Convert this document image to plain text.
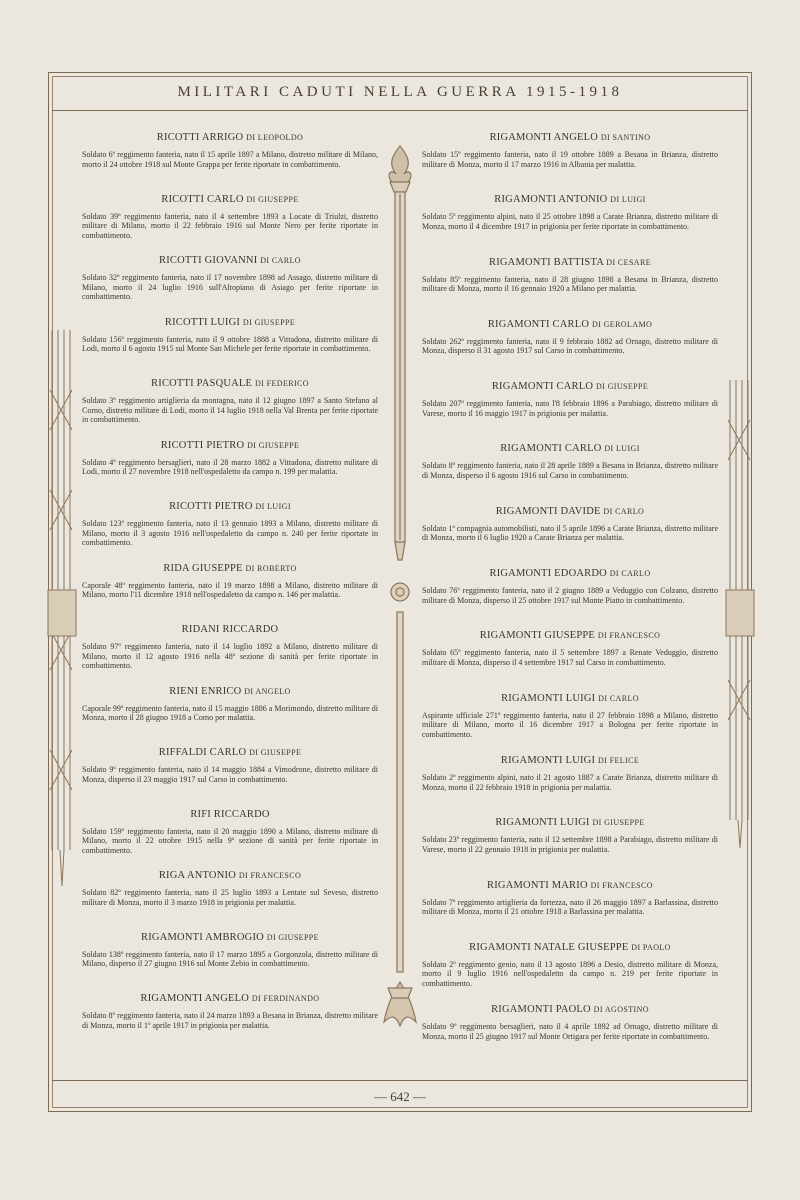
MILITARI CADUTI NELLA GUERRA 1915-1918
RICOTTI ARRIGO DI LEOPOLDO

Soldato 6º reggimento fanteria, nato il 15 aprile 1897 a Milano, distretto militare di Milano, morto il 24 ottobre 1918 sul Monte Grappa per ferite riportate in combattimento.

RICOTTI CARLO DI GIUSEPPE

Soldato 39º reggimento fanteria, nato il 4 settembre 1893 a Locate di Triulzi, distretto militare di Milano, morto il 22 febbraio 1916 sul Monte Nero per ferite riportate in combattimento.

RICOTTI GIOVANNI DI CARLO

Soldato 32º reggimento fanteria, nato il 17 novembre 1898 ad Assago, distretto militare di Milano, morto il 24 luglio 1916 sull'Altopiano di Asiago per ferite riportate in combattimento.

RICOTTI LUIGI DI GIUSEPPE

Soldato 156º reggimento fanteria, nato il 9 ottobre 1888 a Vittadona, distretto militare di Lodi, morto il 6 agosto 1915 sul Monte San Michele per ferite riportate in combattimento.

RICOTTI PASQUALE DI FEDERICO

Soldato 3º reggimento artiglieria da montagna, nato il 12 giugno 1897 a Santo Stefano al Corno, distretto militare di Lodi, morto il 14 luglio 1918 nella Val Brenta per ferite riportate in combattimento.

RICOTTI PIETRO DI GIUSEPPE

Soldato 4º reggimento bersaglieri, nato il 28 marzo 1882 a Vittadona, distretto militare di Lodi, morto il 27 novembre 1918 nell'ospedaletto da campo n. 199 per malattia.

RICOTTI PIETRO DI LUIGI

Soldato 123º reggimento fanteria, nato il 13 gennaio 1893 a Milano, distretto militare di Milano, morto il 3 agosto 1916 nell'ospedaletto da campo n. 240 per ferite riportate in combattimento.

RIDA GIUSEPPE DI ROBERTO

Caporale 48º reggimento fanteria, nato il 19 marzo 1898 a Milano, distretto militare di Milano, morto l'11 dicembre 1918 nell'ospedaletto da campo n. 146 per malattia.

RIDANI RICCARDO

Soldato 97º reggimento fanteria, nato il 14 luglio 1892 a Milano, distretto militare di Milano, morto il 12 agosto 1916 nella 48ª sezione di sanità per ferite riportate in combattimento.

RIENI ENRICO DI ANGELO

Caporale 99º reggimento fanteria, nato il 15 maggio 1886 a Morimondo, distretto militare di Monza, morto il 28 giugno 1918 a Como per malattia.

RIFFALDI CARLO DI GIUSEPPE

Soldato 9º reggimento fanteria, nato il 14 maggio 1884 a Vimodrone, distretto militare di Monza, disperso il 23 maggio 1917 sul Carso in combattimento.

RIFI RICCARDO

Soldato 159º reggimento fanteria, nato il 20 maggio 1890 a Milano, distretto militare di Milano, morto il 22 ottobre 1915 nella 9ª sezione di sanità per ferite riportate in combattimento.

RIGA ANTONIO DI FRANCESCO

Soldato 82º reggimento fanteria, nato il 25 luglio 1893 a Lentate sul Seveso, distretto militare di Monza, morto il 3 marzo 1918 in prigionia per malattia.

RIGAMONTI AMBROGIO DI GIUSEPPE

Soldato 138º reggimento fanteria, nato il 17 marzo 1895 a Gorgonzola, distretto militare di Milano, disperso il 27 giugno 1916 sul Monte Zebio in combattimento.

RIGAMONTI ANGELO DI FERDINANDO

Soldato 8º reggimento fanteria, nato il 24 marzo 1893 a Besana in Brianza, distretto militare di Monza, morto il 1º aprile 1917 in prigionia per malattia.

RIGAMONTI ANGELO DI SANTINO

Soldato 15º reggimento fanteria, nato il 19 ottobre 1889 a Besana in Brianza, distretto militare di Monza, morto il 17 marzo 1916 in Albania per malattia.

RIGAMONTI ANTONIO DI LUIGI

Soldato 5º reggimento alpini, nato il 25 ottobre 1898 a Carate Brianza, distretto militare di Monza, morto il 4 dicembre 1917 in prigionia per ferite riportate in combattimento.

RIGAMONTI BATTISTA DI CESARE

Soldato 85º reggimento fanteria, nato il 28 giugno 1898 a Besana in Brianza, distretto militare di Monza, morto il 16 gennaio 1920 a Milano per malattia.

RIGAMONTI CARLO DI GEROLAMO

Soldato 262º reggimento fanteria, nato il 9 febbraio 1882 ad Ornago, distretto militare di Monza, disperso il 31 agosto 1917 sul Carso in combattimento.

RIGAMONTI CARLO DI GIUSEPPE

Soldato 207º reggimento fanteria, nato l'8 febbraio 1896 a Parabiago, distretto militare di Varese, morto il 16 maggio 1917 in prigionia per malattia.

RIGAMONTI CARLO DI LUIGI

Soldato 8º reggimento fanteria, nato il 28 aprile 1889 a Besana in Brianza, distretto militare di Monza, disperso il 6 agosto 1916 sul Carso in combattimento.

RIGAMONTI DAVIDE DI CARLO

Soldato 1ª compagnia automobilisti, nato il 5 aprile 1896 a Carate Brianza, distretto militare di Monza, morto il 6 luglio 1920 a Carate Brianza per malattia.

RIGAMONTI EDOARDO DI CARLO

Soldato 76º reggimento fanteria, nato il 2 giugno 1889 a Veduggio con Colzano, distretto militare di Monza, disperso il 25 ottobre 1917 sul Monte Piatto in combattimento.

RIGAMONTI GIUSEPPE DI FRANCESCO

Soldato 65º reggimento fanteria, nato il 5 settembre 1897 a Renate Veduggio, distretto militare di Monza, disperso il 4 settembre 1917 sul Carso in combattimento.

RIGAMONTI LUIGI DI CARLO

Aspirante ufficiale 271º reggimento fanteria, nato il 27 febbraio 1898 a Milano, distretto militare di Milano, morto il 16 dicembre 1917 a Bologna per ferite riportate in combattimento.

RIGAMONTI LUIGI DI FELICE

Soldato 2º reggimento alpini, nato il 21 agosto 1887 a Carate Brianza, distretto militare di Monza, morto il 22 febbraio 1918 in prigionia per malattia.

RIGAMONTI LUIGI DI GIUSEPPE

Soldato 23º reggimento fanteria, nato il 12 settembre 1898 a Parabiago, distretto militare di Varese, morto il 22 gennaio 1918 in prigionia per malattia.

RIGAMONTI MARIO DI FRANCESCO

Soldato 7º reggimento artiglieria da fortezza, nato il 26 maggio 1897 a Barlassina, distretto militare di Monza, morto il 21 ottobre 1918 a Barlassina per malattia.

RIGAMONTI NATALE GIUSEPPE DI PAOLO

Soldato 2º reggimento genio, nato il 13 agosto 1896 a Desio, distretto militare di Monza, morto il 9 luglio 1916 nell'ospedaletto da campo n. 219 per ferite riportate in combattimento.

RIGAMONTI PAOLO DI AGOSTINO

Soldato 9º reggimento bersaglieri, nato il 4 aprile 1892 ad Ornago, distretto militare di Monza, morto il 25 giugno 1917 sul Monte Ortigara per ferite riportate in combattimento.

— 642 —
